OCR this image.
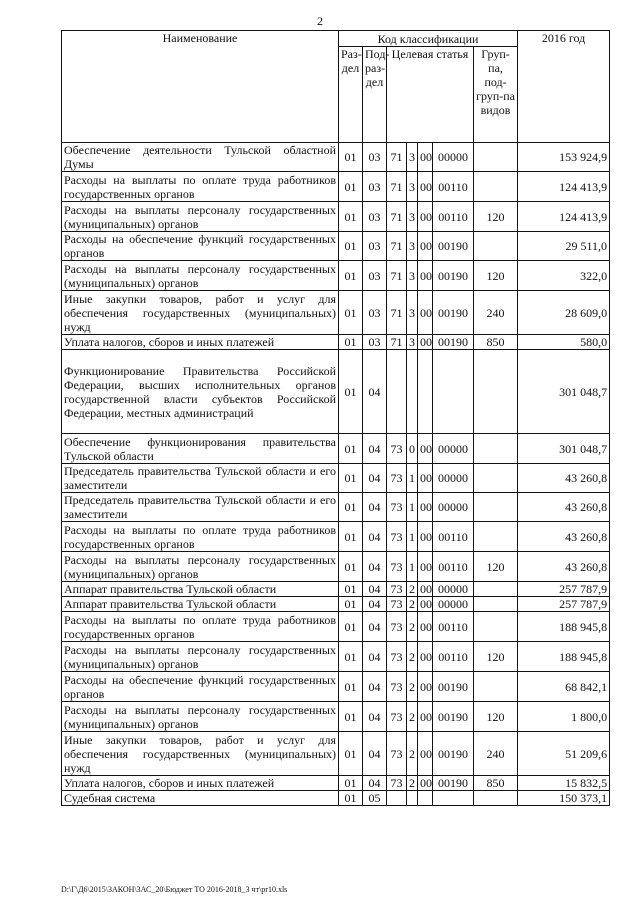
2
Наименование	Код классификации							2016 год
	Раз-дел	Под-раз-дел	Целевая статья				Груп-па, под-груп-па видов	
Обеспечение деятельности Тульской областной Думы	01	03	71	3	00	00000		153 924,9
Расходы на выплаты по оплате труда работников государственных органов	01	03	71	3	00	00110		124 413,9
Расходы на выплаты персоналу государственных (муниципальных) органов	01	03	71	3	00	00110	120	124 413,9
Расходы на обеспечение функций государственных органов	01	03	71	3	00	00190		29 511,0
Расходы на выплаты персоналу государственных (муниципальных) органов	01	03	71	3	00	00190	120	322,0
Иные закупки товаров, работ и услуг для обеспечения государственных (муниципальных) нужд	01	03	71	3	00	00190	240	28 609,0
Уплата налогов, сборов и иных платежей	01	03	71	3	00	00190	850	580,0
Функционирование Правительства Российской Федерации, высших исполнительных органов государственной власти субъектов Российской Федерации, местных администраций	01	04						301 048,7
Обеспечение функционирования правительства Тульской области	01	04	73	0	00	00000		301 048,7
Председатель правительства Тульской области и его заместители	01	04	73	1	00	00000		43 260,8
Председатель правительства Тульской области и его заместители	01	04	73	1	00	00000		43 260,8
Расходы на выплаты по оплате труда работников государственных органов	01	04	73	1	00	00110		43 260,8
Расходы на выплаты персоналу государственных (муниципальных) органов	01	04	73	1	00	00110	120	43 260,8
Аппарат правительства Тульской области	01	04	73	2	00	00000		257 787,9
Аппарат правительства Тульской области	01	04	73	2	00	00000		257 787,9
Расходы на выплаты по оплате труда работников государственных органов	01	04	73	2	00	00110		188 945,8
Расходы на выплаты персоналу государственных (муниципальных) органов	01	04	73	2	00	00110	120	188 945,8
Расходы на обеспечение функций государственных органов	01	04	73	2	00	00190		68 842,1
Расходы на выплаты персоналу государственных (муниципальных) органов	01	04	73	2	00	00190	120	1 800,0
Иные закупки товаров, работ и услуг для обеспечения государственных (муниципальных) нужд	01	04	73	2	00	00190	240	51 209,6
Уплата налогов, сборов и иных платежей	01	04	73	2	00	00190	850	15 832,5
Судебная система	01	05						150 373,1
D:\Г\Д6\2015\ЗАКОН\ЗАС_20\Бюджет ТО 2016-2018_3 чт\pr10.xls
